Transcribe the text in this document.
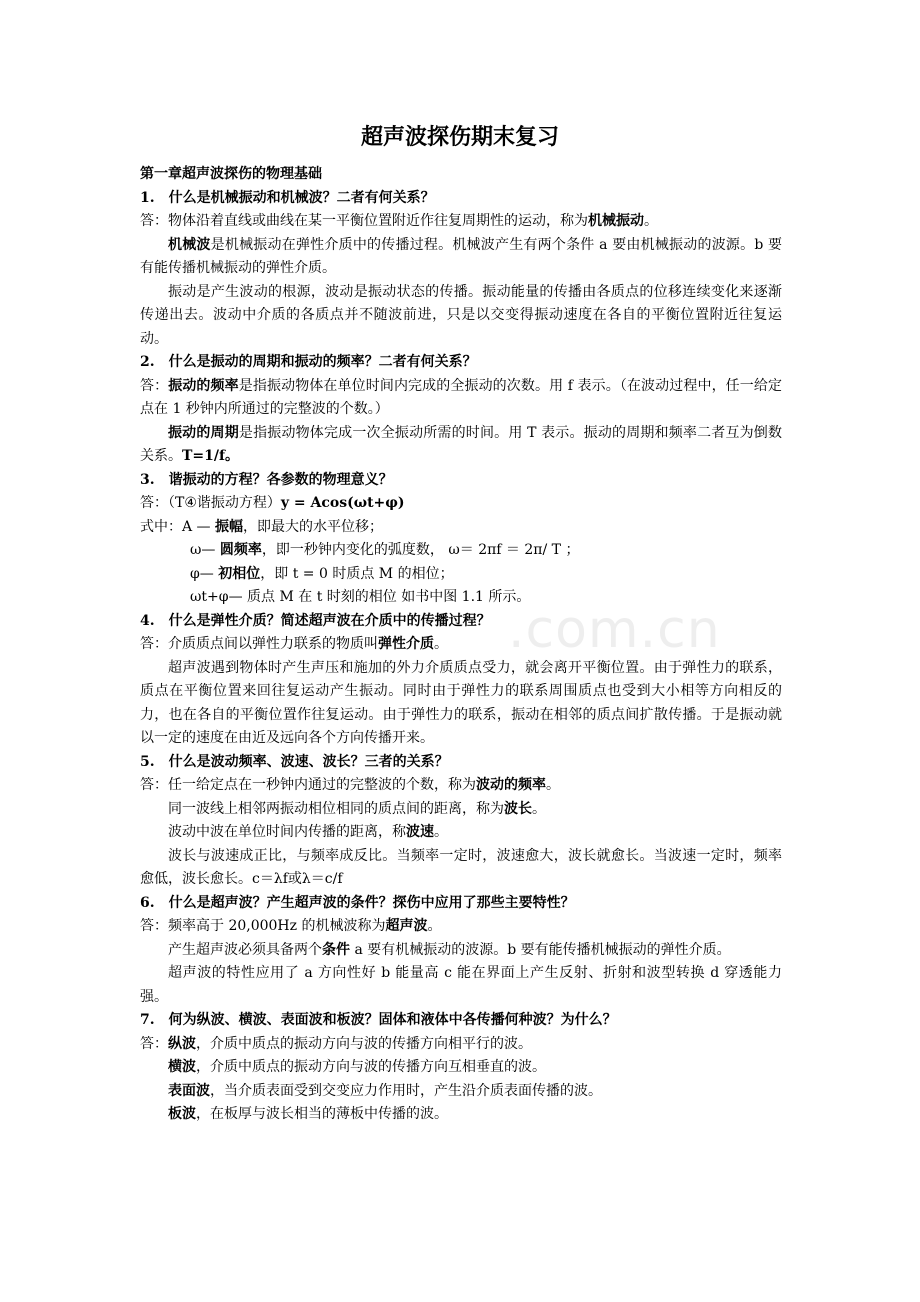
.com.cn
超声波探伤期末复习

第一章超声波探伤的物理基础

1.　什么是机械振动和机械波？二者有何关系？

答：物体沿着直线或曲线在某一平衡位置附近作往复周期性的运动，称为机械振动。

机械波是机械振动在弹性介质中的传播过程。机械波产生有两个条件 a 要由机械振动的波源。b 要有能传播机械振动的弹性介质。

振动是产生波动的根源，波动是振动状态的传播。振动能量的传播由各质点的位移连续变化来逐渐传递出去。波动中介质的各质点并不随波前进，只是以交变得振动速度在各自的平衡位置附近往复运动。

2.　什么是振动的周期和振动的频率？二者有何关系？

答：振动的频率是指振动物体在单位时间内完成的全振动的次数。用 f 表示。（在波动过程中，任一给定点在 1 秒钟内所通过的完整波的个数。）

振动的周期是指振动物体完成一次全振动所需的时间。用 T 表示。振动的周期和频率二者互为倒数关系。T=1/f。

3.　谐振动的方程？各参数的物理意义？

答：（T④谐振动方程）y = Acos(ωt+φ)

式中：A — 振幅，即最大的水平位移；

ω— 圆频率，即一秒钟内变化的弧度数， ω＝ 2πf ＝ 2π/ T ；

φ— 初相位，即 t = 0 时质点 M 的相位；

ωt+φ— 质点 M 在 t 时刻的相位 如书中图 1.1 所示。

4.　什么是弹性介质？简述超声波在介质中的传播过程？

答：介质质点间以弹性力联系的物质叫弹性介质。

超声波遇到物体时产生声压和施加的外力介质质点受力，就会离开平衡位置。由于弹性力的联系，质点在平衡位置来回往复运动产生振动。同时由于弹性力的联系周围质点也受到大小相等方向相反的力，也在各自的平衡位置作往复运动。由于弹性力的联系，振动在相邻的质点间扩散传播。于是振动就以一定的速度在由近及远向各个方向传播开来。

5.　什么是波动频率、波速、波长？三者的关系？

答：任一给定点在一秒钟内通过的完整波的个数，称为波动的频率。

同一波线上相邻两振动相位相同的质点间的距离，称为波长。

波动中波在单位时间内传播的距离，称波速。

波长与波速成正比，与频率成反比。当频率一定时，波速愈大，波长就愈长。当波速一定时，频率愈低，波长愈长。c＝λf或λ＝c/f

6.　什么是超声波？产生超声波的条件？探伤中应用了那些主要特性？

答：频率高于 20,000Hz 的机械波称为超声波。

产生超声波必须具备两个条件 a 要有机械振动的波源。b 要有能传播机械振动的弹性介质。

超声波的特性应用了 a 方向性好 b 能量高 c 能在界面上产生反射、折射和波型转换 d 穿透能力强。

7.　何为纵波、横波、表面波和板波？固体和液体中各传播何种波？为什么？

答：纵波，介质中质点的振动方向与波的传播方向相平行的波。

横波，介质中质点的振动方向与波的传播方向互相垂直的波。

表面波，当介质表面受到交变应力作用时，产生沿介质表面传播的波。

板波，在板厚与波长相当的薄板中传播的波。
